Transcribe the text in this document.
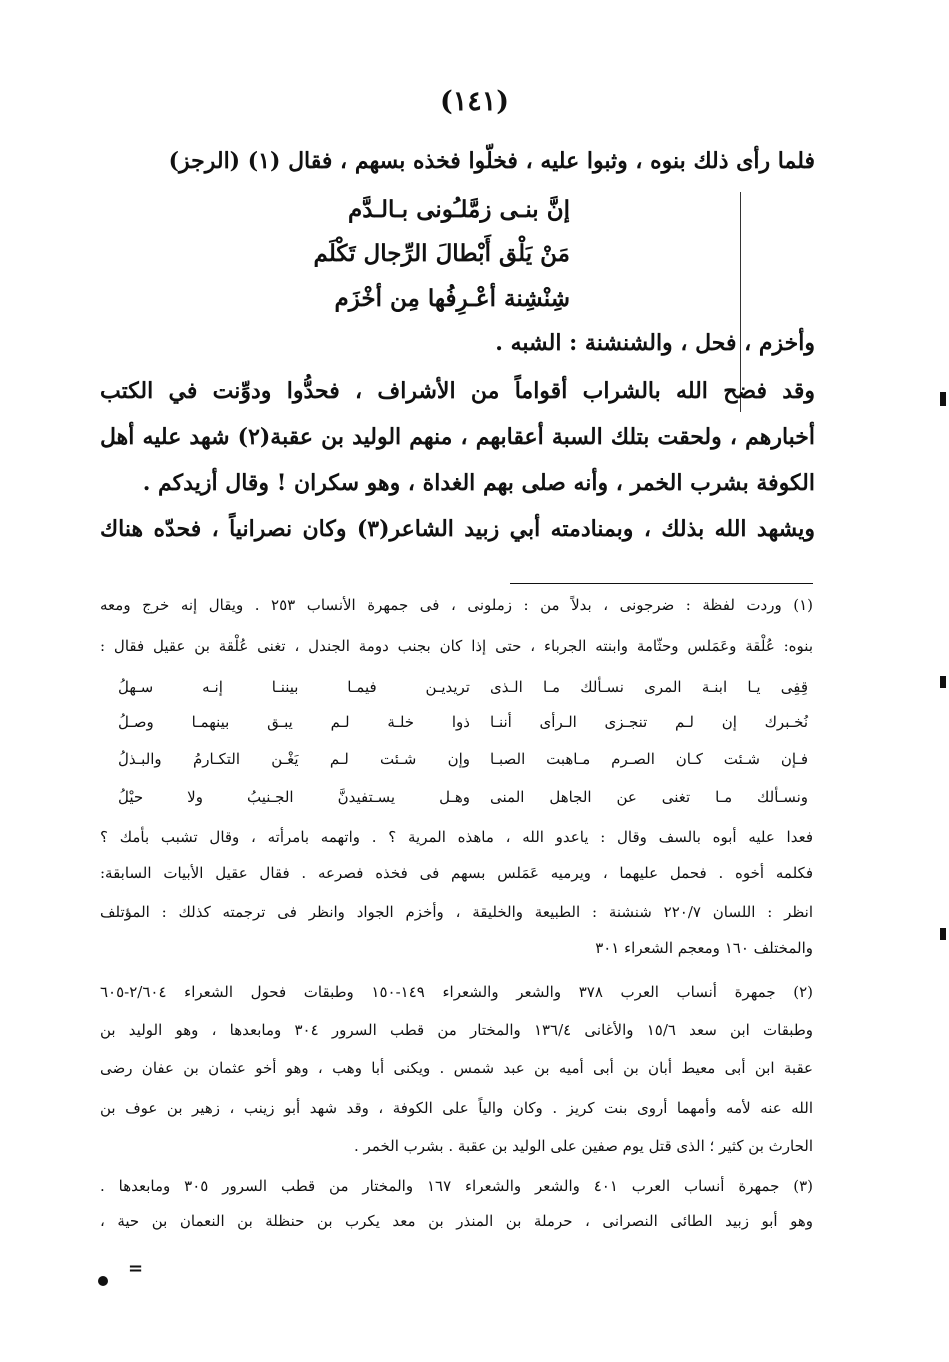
(١٤١)
فلما رأى ذلك بنوه ، وثبوا عليه ، فخلّوا فخذه بسهم ، فقال (١) (الرجز)
إنَّ بنـى زمَّلـُونى بـالـدَّم
مَنْ يَلْق أَبْطالَ الرِّجال تَكْلَم
شِنْشِنة أعْـرِفُها مِن أخْزَم
وأخزم ، فحل ، والشنشنة : الشبه .
وقد فضح الله بالشراب أقواماً من الأشراف ، فحدُّوا ودوِّنت في الكتب
أخبارهم ، ولحقت بتلك السبة أعقابهم ، منهم الوليد بن عقبة(٢) شهد عليه أهل
الكوفة بشرب الخمر ، وأنه صلى بهم الغداة ، وهو سكران ! وقال أزيدكم .
ويشهد الله بذلك ، وبمنادمته أبي زبيد الشاعر(٣) وكان نصرانياً ، فحدّه هناك
(١) وردت لفظة : ضرجونى ، بدلاً من : زملونى ، فى جمهرة الأنساب ٢٥٣ . ويقال إنه خرج ومعه
بنوه: عُلْقة وعَمَلس وحثّامة وابنته الجرباء ، حتى إذا كان بجنب دومة الجندل ، تغنى عُلْقة بن عقيل فقال :
قِفِى يـا ابنـة المرى نسـألك مـا الـذى
تريديـن فيمـا بيننـا إنـه سـهلُ
نُخـبرك إن لـم تنجـزى الـرأى أننـا
ذوا خلـة لـم يبـق بينهمـا وصـلُ
فـإن شـئت كـان الصـرم مـاهبت الصبـا
وإن شـئت لـم يَغْـن التكـارمُ والبـذلُ
ونسـألك مـا تغنى عن الجاهل المنى
وهـل يسـتفيدنَّ الجـنيبُ ولا حيْلُ
فعدا عليه أبوه بالسف وقال : ياعدو الله ، ماهذه المرية ؟ . واتهمه بامرأته ، وقال تشبب بأمك ؟
فكلمه أخوه . فحمل عليهما ، ويرميه عَمَلس بسهم فى فخذه فصرعه . فقال عقيل الأبيات السابقة:
انظر : اللسان ٢٢٠/٧ شنشنة : الطبيعة والخليقة ، وأخزم الجواد وانظر فى ترجمته كذلك : المؤتلف
والمختلف ١٦٠ ومعجم الشعراء ٣٠١
(٢) جمهرة أنساب العرب ٣٧٨ والشعر والشعراء ١٤٩-١٥٠ وطبقات فحول الشعراء ٢/٦٠٤-٦٠٥
وطبقات ابن سعد ١٥/٦ والأغانى ١٣٦/٤ والمختار من قطب السرور ٣٠٤ ومابعدها ، وهو الوليد بن
عقبة ابن أبى معيط أبان بن أبى أميه بن عبد شمس . ويكنى أبا وهب ، وهو أخو عثمان بن عفان رضى
الله عنه لأمه وأمهما أروى بنت كريز . وكان والياً على الكوفة ، وقد شهد أبو زينب ، زهير بن عوف بن
الحارث بن كثير ؛ الذى قتل يوم صفين على الوليد بن عقبة . بشرب الخمر .
(٣) جمهرة أنساب العرب ٤٠١ والشعر والشعراء ١٦٧ والمختار من قطب السرور ٣٠٥ ومابعدها .
وهو أبو زبيد الطائى النصرانى ، حرملة بن المنذر بن معد يكرب بن حنظلة بن النعمان بن حية ،
=
